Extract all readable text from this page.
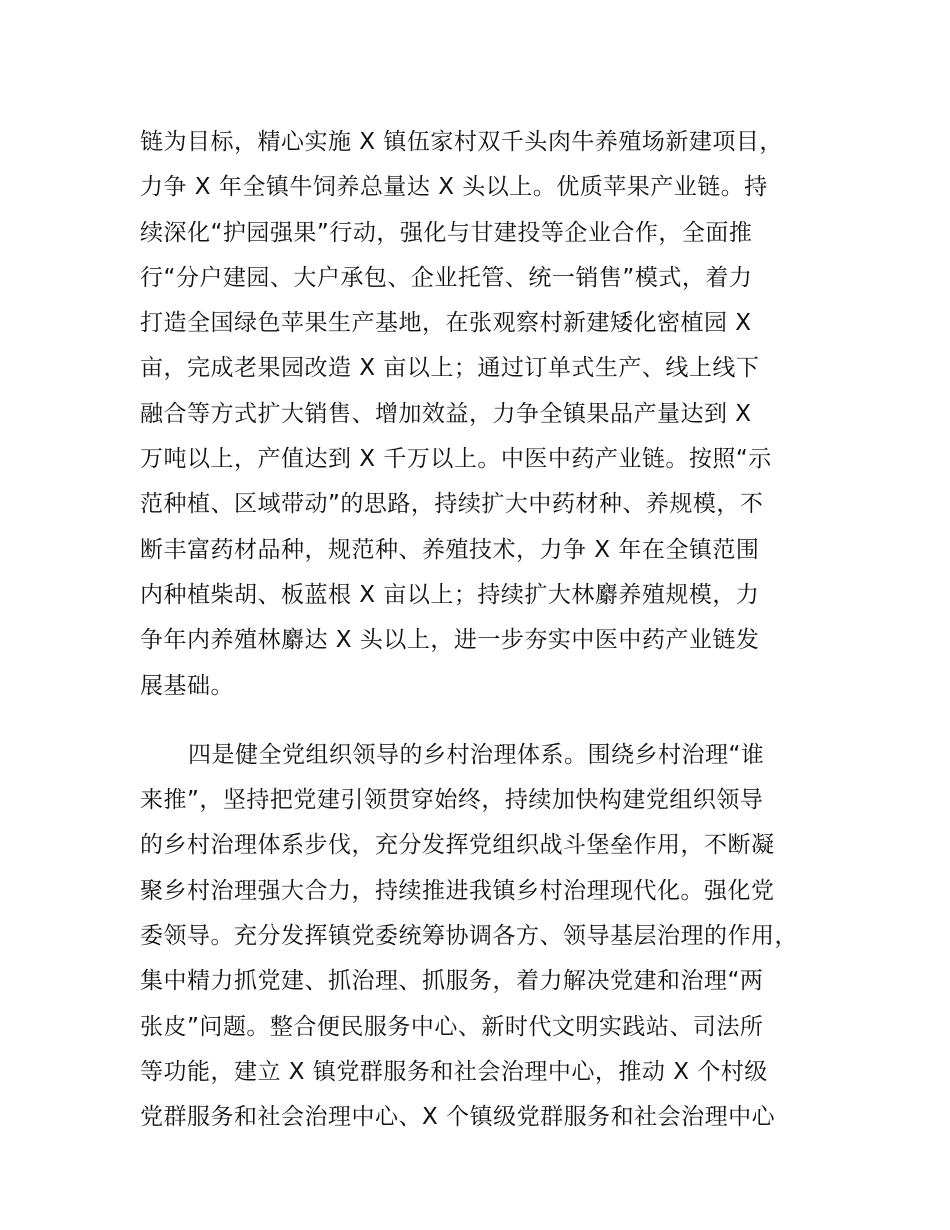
链为目标，精心实施 X 镇伍家村双千头肉牛养殖场新建项目，
力争 X 年全镇牛饲养总量达 X 头以上。优质苹果产业链。持
续深化“护园强果”行动，强化与甘建投等企业合作，全面推
行“分户建园、大户承包、企业托管、统一销售”模式，着力
打造全国绿色苹果生产基地，在张观察村新建矮化密植园 X
亩，完成老果园改造 X 亩以上；通过订单式生产、线上线下
融合等方式扩大销售、增加效益，力争全镇果品产量达到 X
万吨以上，产值达到 X 千万以上。中医中药产业链。按照“示
范种植、区域带动”的思路，持续扩大中药材种、养规模，不
断丰富药材品种，规范种、养殖技术，力争 X 年在全镇范围
内种植柴胡、板蓝根 X 亩以上；持续扩大林麝养殖规模，力
争年内养殖林麝达 X 头以上，进一步夯实中医中药产业链发
展基础。
四是健全党组织领导的乡村治理体系。围绕乡村治理“谁
来推”，坚持把党建引领贯穿始终，持续加快构建党组织领导
的乡村治理体系步伐，充分发挥党组织战斗堡垒作用，不断凝
聚乡村治理强大合力，持续推进我镇乡村治理现代化。强化党
委领导。充分发挥镇党委统筹协调各方、领导基层治理的作用，
集中精力抓党建、抓治理、抓服务，着力解决党建和治理“两
张皮”问题。整合便民服务中心、新时代文明实践站、司法所
等功能，建立 X 镇党群服务和社会治理中心，推动 X 个村级
党群服务和社会治理中心、X 个镇级党群服务和社会治理中心
